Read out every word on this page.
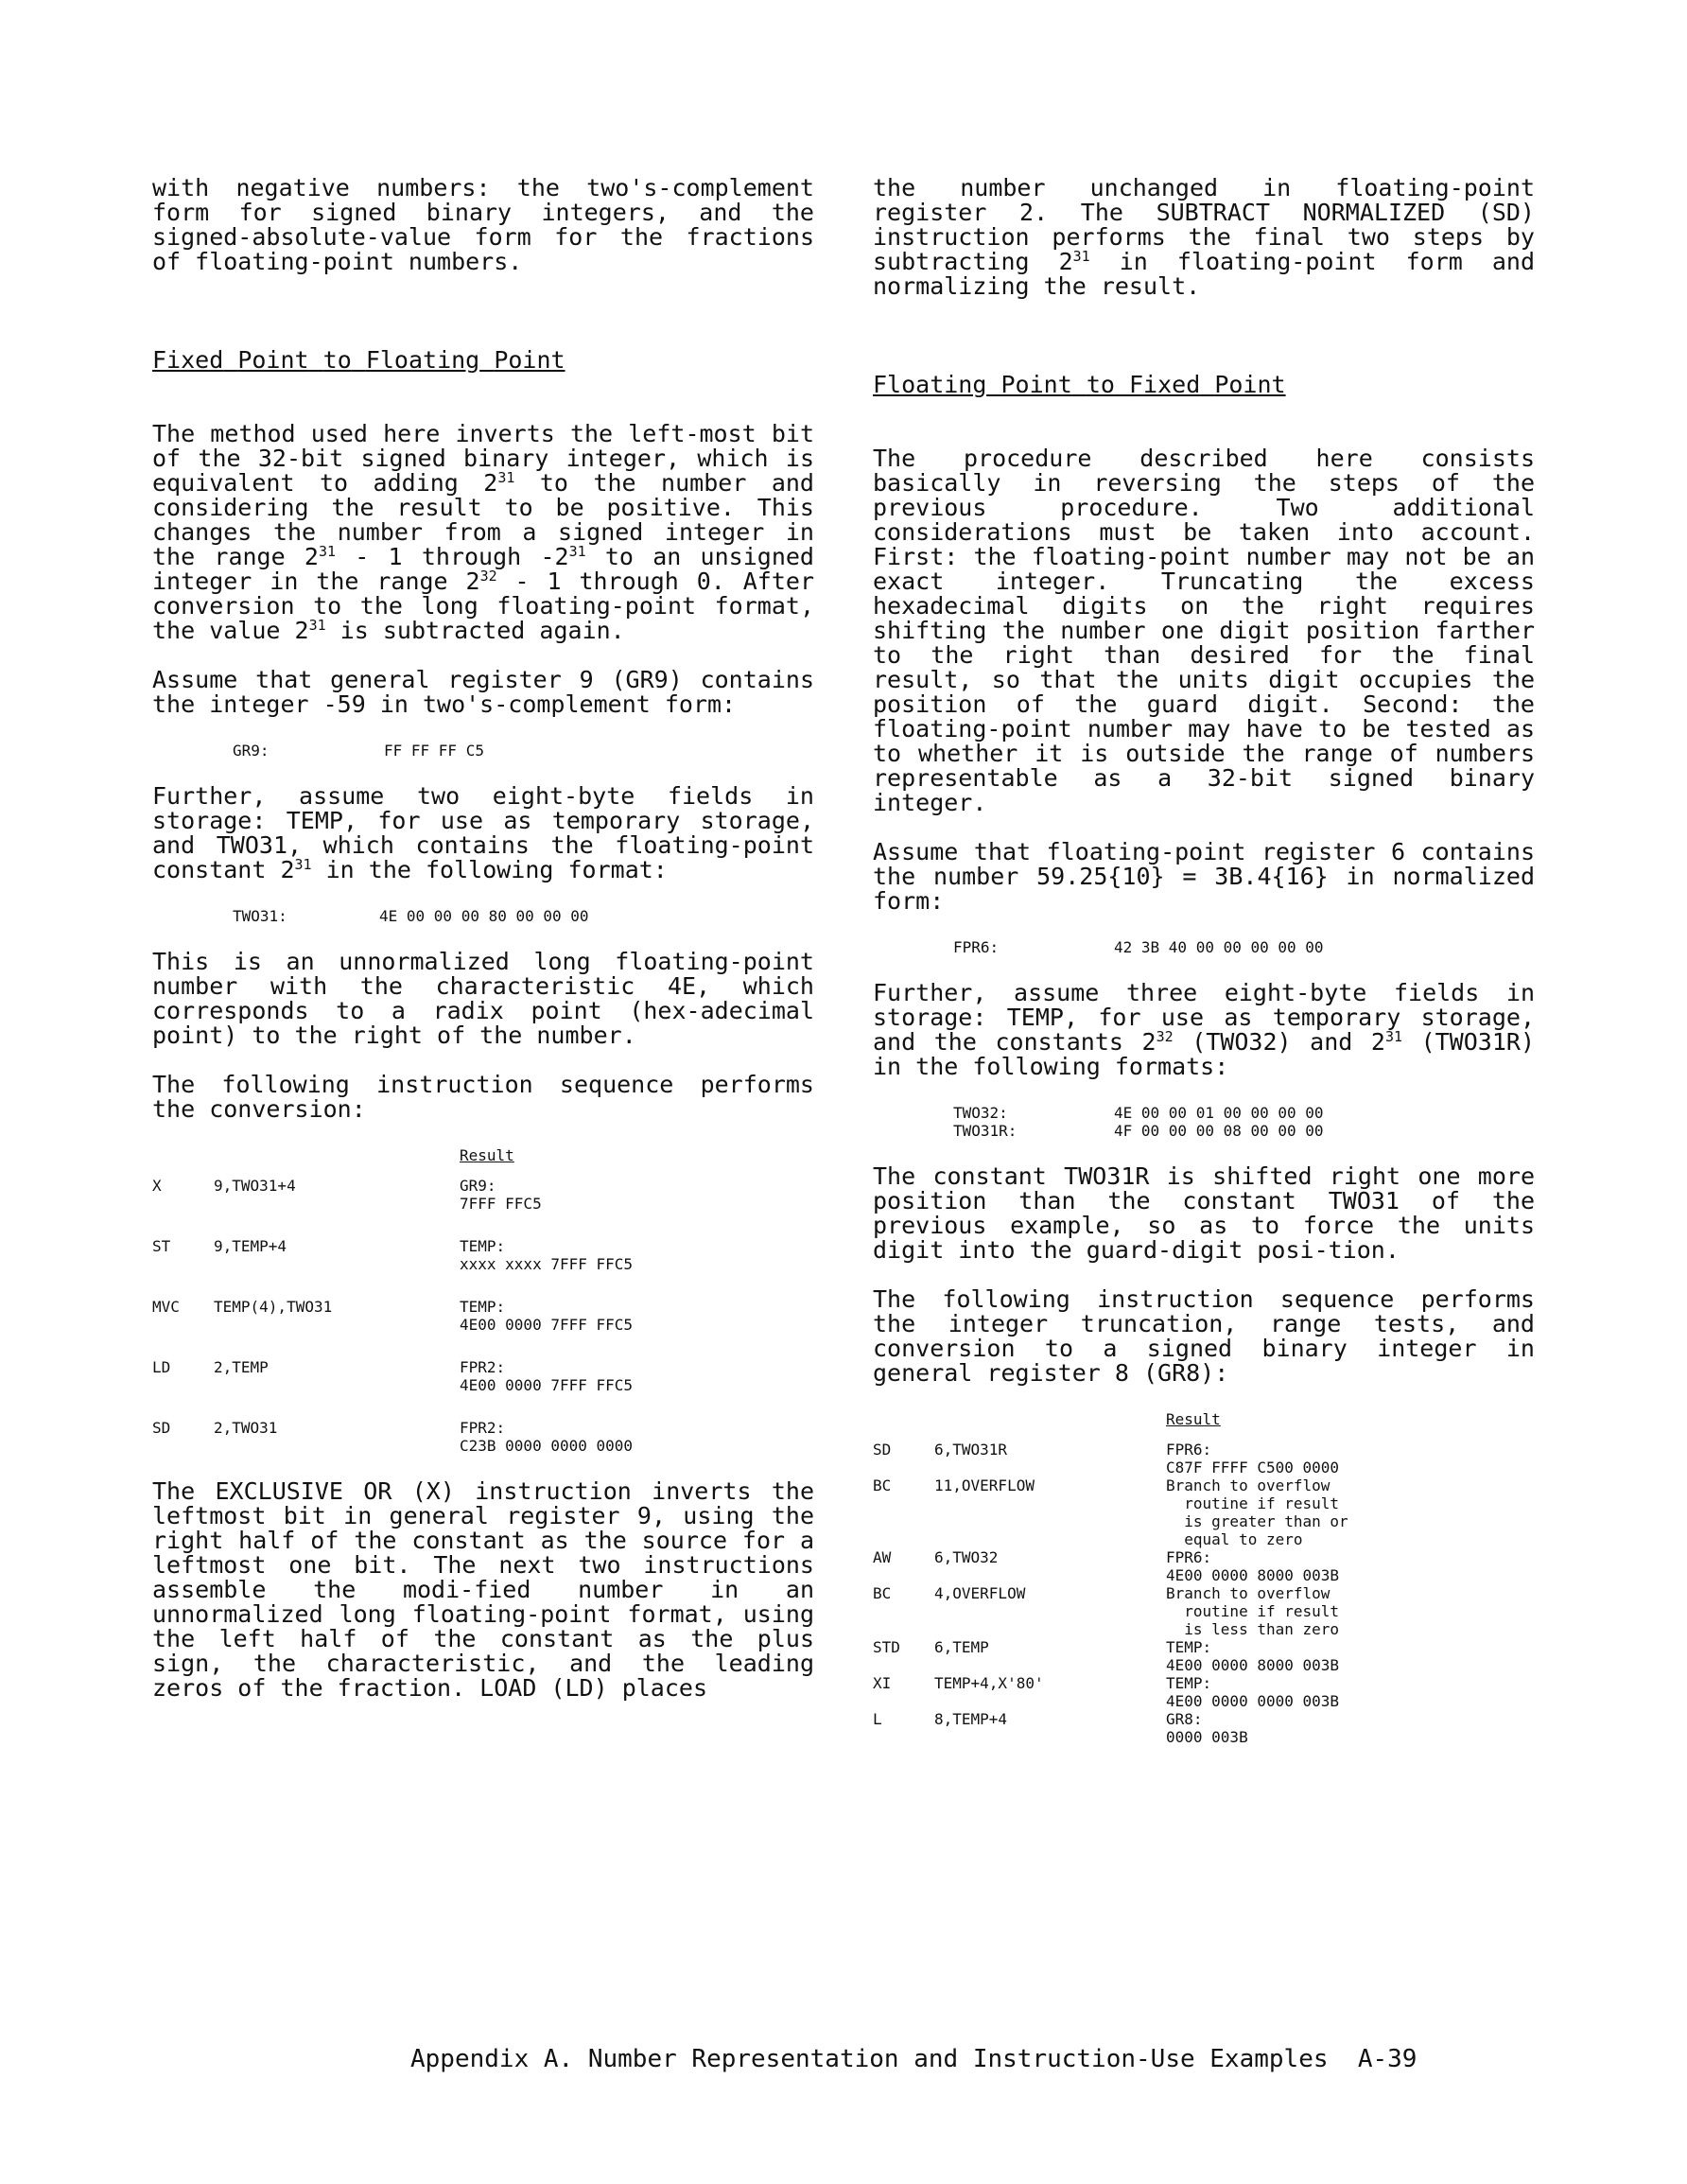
with negative numbers: the two's-complement form for signed binary integers, and the signed-absolute-value form for the fractions of floating-point numbers.

Fixed Point to Floating Point

The method used here inverts the left-most bit of the 32-bit signed binary integer, which is equivalent to adding $2^{31}$ to the number and considering the result to be positive. This changes the number from a signed integer in the range $2^{31} - 1$ through $-2^{31}$ to an unsigned integer in the range $2^{32} - 1$ through 0. After conversion to the long floating-point format, the value $2^{31}$ is subtracted again.

Assume that general register 9 (GR9) contains the integer -59 in two's-complement form:

GR9:	FF FF FF C5

Further, assume two eight-byte fields in storage: TEMP, for use as temporary storage, and TWO31, which contains the floating-point constant $2^{31}$ in the following format:

TWO31:	4E 00 00 00 80 00 00 00

This is an unnormalized long floating-point number with the characteristic 4E, which corresponds to a radix point (hex-adecimal point) to the right of the number.

The following instruction sequence performs the conversion:

Result
X	9,TWO31+4	GR9:
7FFF FFC5
ST	9,TEMP+4	TEMP:
xxxx xxxx 7FFF FFC5
MVC	TEMP(4),TWO31	TEMP:
4E00 0000 7FFF FFC5
LD	2,TEMP	FPR2:
4E00 0000 7FFF FFC5
SD	2,TWO31	FPR2:
C23B 0000 0000 0000

The EXCLUSIVE OR (X) instruction inverts the leftmost bit in general register 9, using the right half of the constant as the source for a leftmost one bit. The next two instructions assemble the modi-fied number in an unnormalized long floating-point format, using the left half of the constant as the plus sign, the characteristic, and the leading zeros of the fraction. LOAD (LD) places

the number unchanged in floating-point register 2. The SUBTRACT NORMALIZED (SD) instruction performs the final two steps by subtracting $2^{31}$ in floating-point form and normalizing the result.

Floating Point to Fixed Point

The procedure described here consists basically in reversing the steps of the previous procedure. Two additional considerations must be taken into account. First: the floating-point number may not be an exact integer. Truncating the excess hexadecimal digits on the right requires shifting the number one digit position farther to the right than desired for the final result, so that the units digit occupies the position of the guard digit. Second: the floating-point number may have to be tested as to whether it is outside the range of numbers representable as a 32-bit signed binary integer.

Assume that floating-point register 6 contains the number 59.25{10} = 3B.4{16} in normalized form:

FPR6:	42 3B 40 00 00 00 00 00

Further, assume three eight-byte fields in storage: TEMP, for use as temporary storage, and the constants $2^{32}$ (TWO32) and $2^{31}$ (TWO31R) in the following formats:

TWO32:	4E 00 00 01 00 00 00 00
TWO31R:	4F 00 00 00 08 00 00 00

The constant TWO31R is shifted right one more position than the constant TWO31 of the previous example, so as to force the units digit into the guard-digit posi-tion.

The following instruction sequence performs the integer truncation, range tests, and conversion to a signed binary integer in general register 8 (GR8):

Result
SD	6,TWO31R	FPR6:
C87F FFFF C500 0000
BC	11,OVERFLOW	Branch to overflow
routine if result
is greater than or
equal to zero
AW	6,TWO32	FPR6:
4E00 0000 8000 003B
BC	4,OVERFLOW	Branch to overflow
routine if result
is less than zero
STD	6,TEMP	TEMP:
4E00 0000 8000 003B
XI	TEMP+4,X'80'	TEMP:
4E00 0000 0000 003B
L	8,TEMP+4	GR8:
0000 003B
Appendix A. Number Representation and Instruction-Use Examples  A-39
